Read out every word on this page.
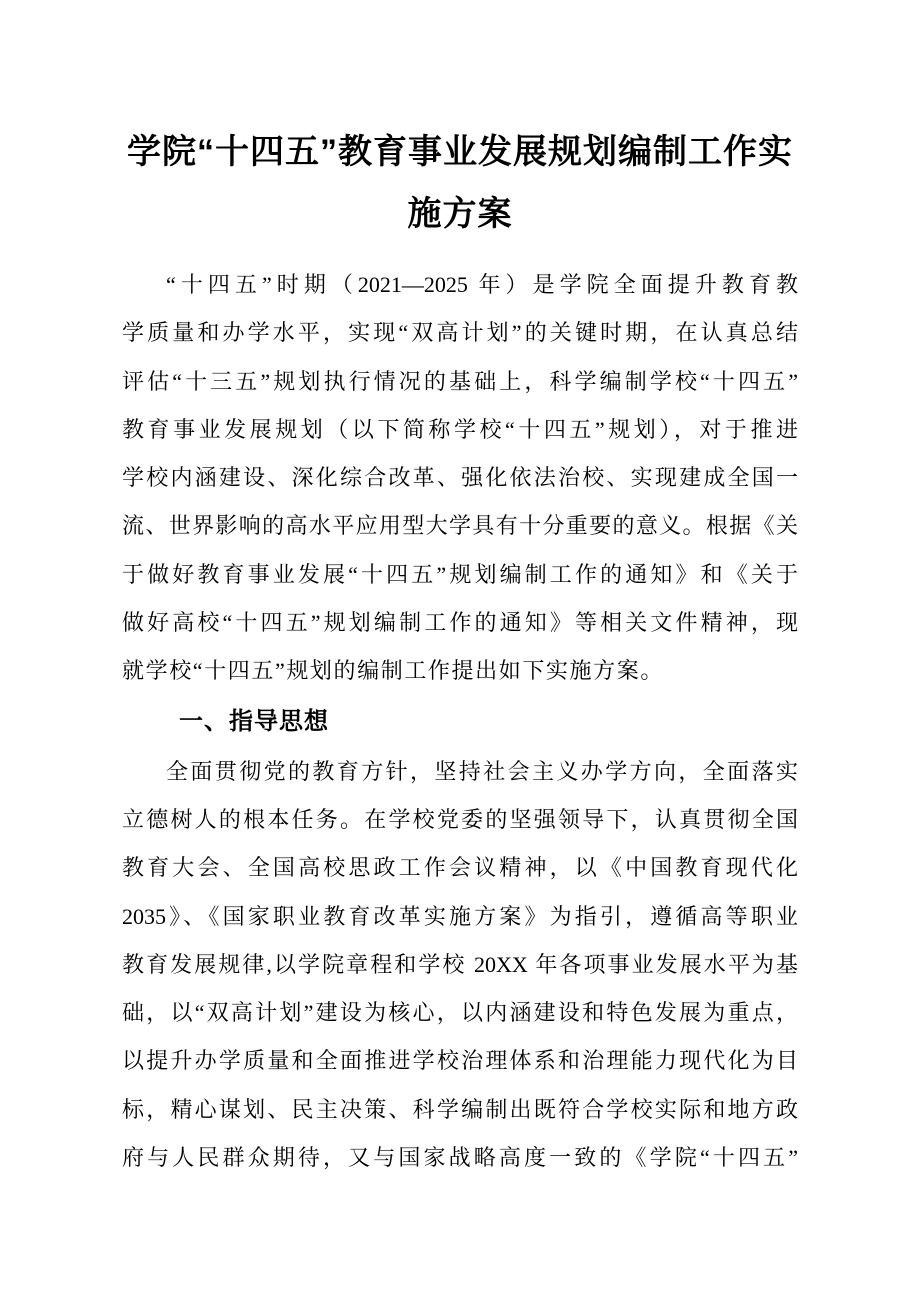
学院“十四五”教育事业发展规划编制工作实
施方案
“十四五”时期（2021—2025 年）是学院全面提升教育教
学质量和办学水平，实现“双高计划”的关键时期，在认真总结
评估“十三五”规划执行情况的基础上，科学编制学校“十四五”
教育事业发展规划（以下简称学校“十四五”规划），对于推进
学校内涵建设、深化综合改革、强化依法治校、实现建成全国一
流、世界影响的高水平应用型大学具有十分重要的意义。根据《关
于做好教育事业发展“十四五”规划编制工作的通知》和《关于
做好高校“十四五”规划编制工作的通知》等相关文件精神，现
就学校“十四五”规划的编制工作提出如下实施方案。
一、指导思想
全面贯彻党的教育方针，坚持社会主义办学方向，全面落实
立德树人的根本任务。在学校党委的坚强领导下，认真贯彻全国
教育大会、全国高校思政工作会议精神，以《中国教育现代化
2035》、《国家职业教育改革实施方案》为指引，遵循高等职业
教育发展规律,以学院章程和学校 20XX 年各项事业发展水平为基
础，以“双高计划”建设为核心，以内涵建设和特色发展为重点，
以提升办学质量和全面推进学校治理体系和治理能力现代化为目
标，精心谋划、民主决策、科学编制出既符合学校实际和地方政
府与人民群众期待，又与国家战略高度一致的《学院“十四五”
